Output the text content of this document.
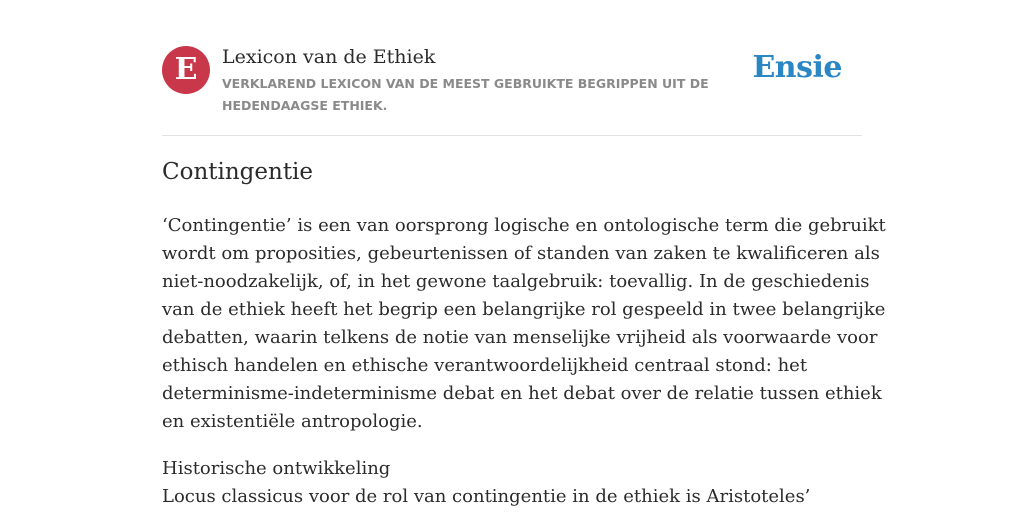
E	Lexicon van de Ethiek
VERKLAREND LEXICON VAN DE MEEST GEBRUIKTE BEGRIPPEN UIT DE
HEDENDAAGSE ETHIEK.
Ensie
Contingentie
‘Contingentie’ is een van oorsprong logische en ontologische term die gebruikt
wordt om proposities, gebeurtenissen of standen van zaken te kwalificeren als
niet-noodzakelijk, of, in het gewone taalgebruik: toevallig. In de geschiedenis
van de ethiek heeft het begrip een belangrijke rol gespeeld in twee belangrijke
debatten, waarin telkens de notie van menselijke vrijheid als voorwaarde voor
ethisch handelen en ethische verantwoordelijkheid centraal stond: het
determinisme-indeterminisme debat en het debat over de relatie tussen ethiek
en existentiële antropologie.
Historische ontwikkeling
Locus classicus voor de rol van contingentie in de ethiek is Aristoteles’
